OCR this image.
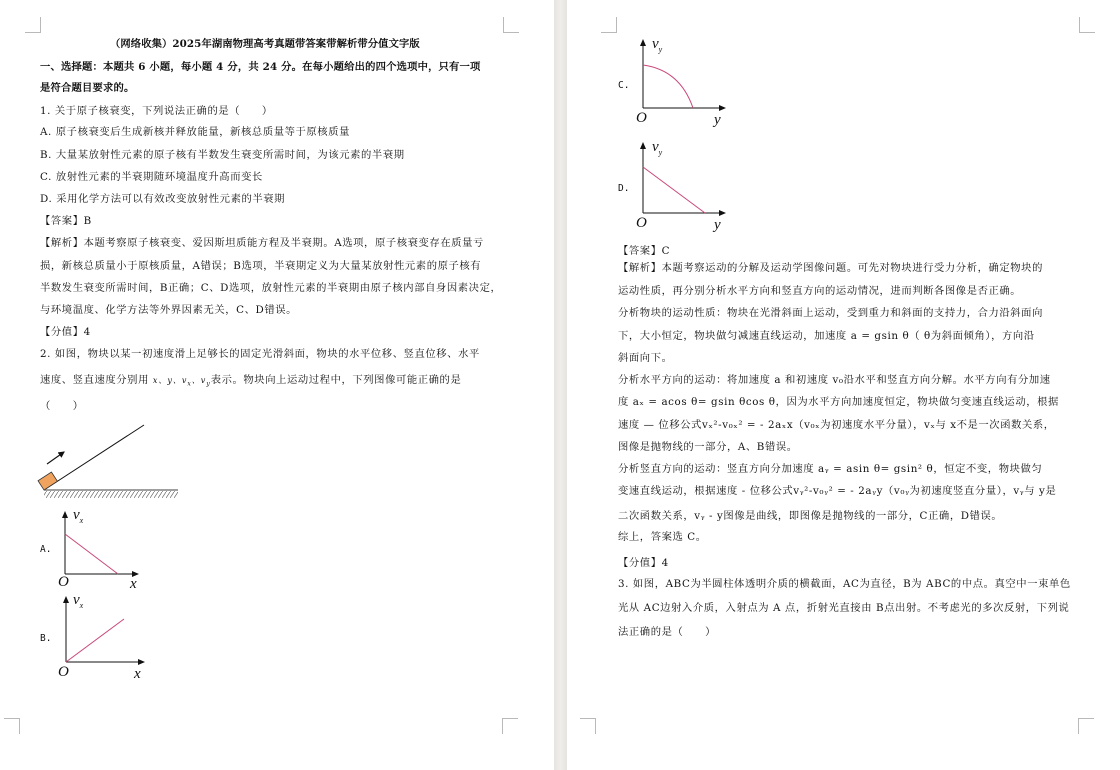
（网络收集）2025年湖南物理高考真题带答案带解析带分值文字版
一、选择题：本题共 6 小题，每小题 4 分，共 24 分。在每小题给出的四个选项中，只有一项
是符合题目要求的。
1. 关于原子核衰变，下列说法正确的是（　　）
A. 原子核衰变后生成新核并释放能量，新核总质量等于原核质量
B. 大量某放射性元素的原子核有半数发生衰变所需时间，为该元素的半衰期
C. 放射性元素的半衰期随环境温度升高而变长
D. 采用化学方法可以有效改变放射性元素的半衰期
【答案】B
【解析】本题考察原子核衰变、爱因斯坦质能方程及半衰期。A选项，原子核衰变存在质量亏
损，新核总质量小于原核质量，A错误；B选项，半衰期定义为大量某放射性元素的原子核有
半数发生衰变所需时间，B正确；C、D选项，放射性元素的半衰期由原子核内部自身因素决定，
与环境温度、化学方法等外界因素无关，C、D错误。
【分值】4
2. 如图，物块以某一初速度滑上足够长的固定光滑斜面，物块的水平位移、竖直位移、水平
速度、竖直速度分别用 x、y、$v_x$、$v_y$表示。物块向上运动过程中，下列图像可能正确的是
（　　）
A.
$v_x$
O	x
B.
$v_x$
O	x
C.
$v_y$
O	y
D.
$v_y$
O	y
【答案】C
【解析】本题考察运动的分解及运动学图像问题。可先对物块进行受力分析，确定物块的
运动性质，再分别分析水平方向和竖直方向的运动情况，进而判断各图像是否正确。
分析物块的运动性质：物块在光滑斜面上运动，受到重力和斜面的支持力，合力沿斜面向
下，大小恒定，物块做匀减速直线运动，加速度 a = gsin θ（ θ为斜面倾角），方向沿
斜面向下。
分析水平方向的运动：将加速度 a 和初速度 v₀沿水平和竖直方向分解。水平方向有分加速
度 aₓ = acos θ= gsin θcos θ，因为水平方向加速度恒定，物块做匀变速直线运动，根据
速度 — 位移公式vₓ²-v₀ₓ² = - 2aₓx（v₀ₓ为初速度水平分量），vₓ与 x不是一次函数关系，
图像是抛物线的一部分，A、B错误。
分析竖直方向的运动：竖直方向分加速度 aᵧ = asin θ= gsin² θ，恒定不变，物块做匀
变速直线运动，根据速度 - 位移公式vᵧ²-v₀ᵧ² = - 2aᵧy（v₀ᵧ为初速度竖直分量），vᵧ与 y是
二次函数关系，vᵧ - y图像是曲线，即图像是抛物线的一部分，C正确，D错误。
综上，答案选 C。
【分值】4
3. 如图，ABC为半圆柱体透明介质的横截面，AC为直径，B为 ABC的中点。真空中一束单色
光从 AC边射入介质，入射点为 A 点，折射光直接由 B点出射。不考虑光的多次反射，下列说
法正确的是（　　）
